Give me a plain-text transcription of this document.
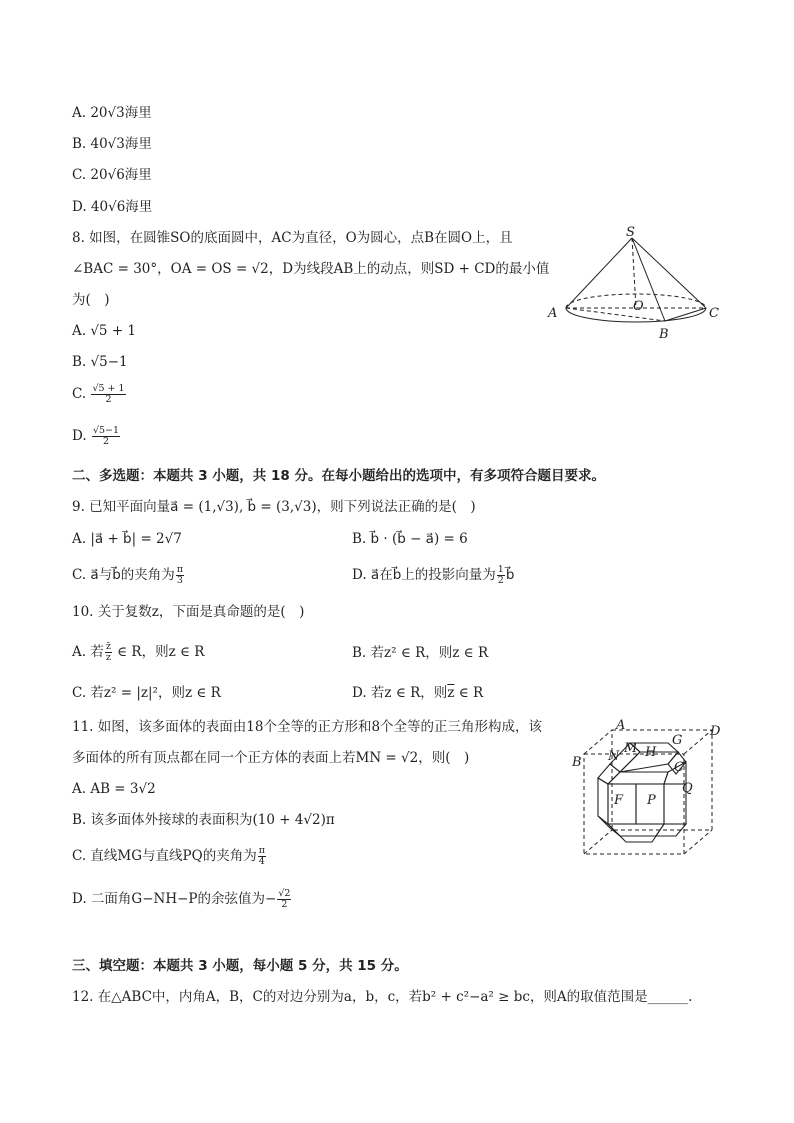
A. 20√3海里
B. 40√3海里
C. 20√6海里
D. 40√6海里
8. 如图，在圆锥SO的底面圆中，AC为直径，O为圆心，点B在圆O上，且
∠BAC = 30°，OA = OS = √2，D为线段AB上的动点，则SD + CD的最小值
为(　)
A. √5 + 1
B. √5−1
C. $\frac{√5 + 1}{2}$
D. $\frac{√5-1}{2}$
S
O
A
B
C
二、多选题：本题共 3 小题，共 18 分。在每小题给出的选项中，有多项符合题目要求。
9. 已知平面向量a⃗ = (1,√3), b⃗ = (3,√3)，则下列说法正确的是(　)
A. |a⃗ + b⃗| = 2√7	B. b⃗ · (b⃗ − a⃗) = 6
C. a⃗与b⃗的夹角为 $\frac{\pi}{3}$	D. a⃗在b⃗上的投影向量为 $\frac{1}{2}$ b⃗
10. 关于复数z，下面是真命题的是(　)
A. 若 $\frac{z̄}{z}$ ∈ R，则z ∈ R	B. 若z² ∈ R，则z ∈ R
C. 若z² = |z|²，则z ∈ R	D. 若z ∈ R，则$\overline{z}$ ∈ R
11. 如图，该多面体的表面由18个全等的正方形和8个全等的正三角形构成，该
多面体的所有顶点都在同一个正方体的表面上若MN = √2，则(　)
A. AB = 3√2
B. 该多面体外接球的表面积为(10 + 4√2)π
C. 直线MG与直线PQ的夹角为 $\frac{\pi}{4}$
D. 二面角G−NH−P的余弦值为− $\frac{√2}{2}$
A	D
M
N H
G
B	C
F P
Q
三、填空题：本题共 3 小题，每小题 5 分，共 15 分。
12. 在△ABC中，内角A，B，C的对边分别为a，b，c，若b² + c²−a² ≥ bc，则A的取值范围是______.
